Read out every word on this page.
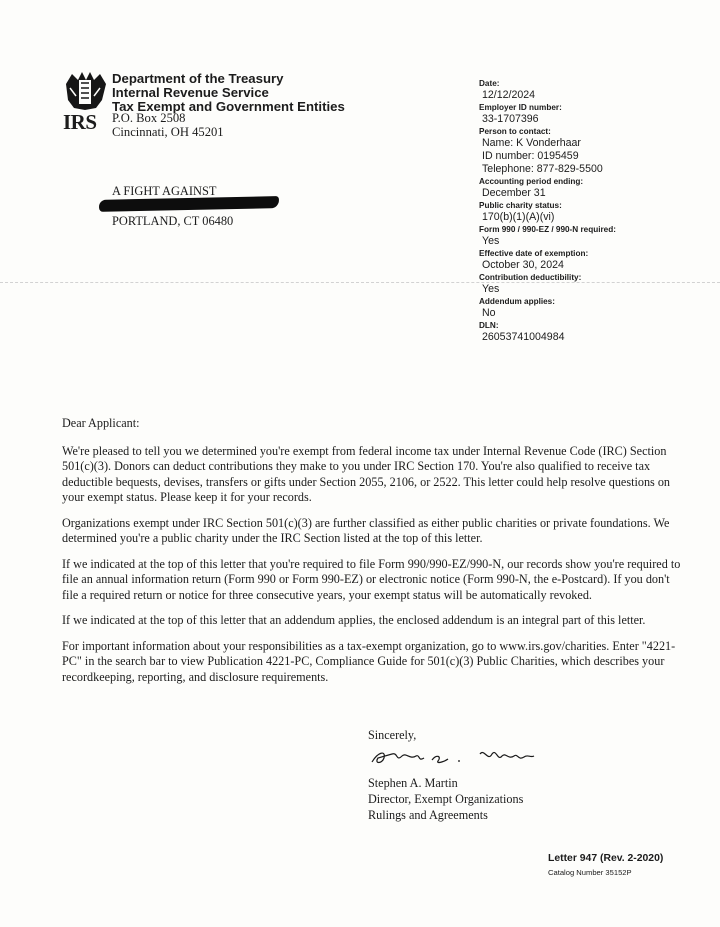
IRS
Department of the Treasury
Internal Revenue Service
Tax Exempt and Government Entities
P.O. Box 2508
Cincinnati, OH 45201
A FIGHT AGAINST
PORTLAND, CT 06480
Date:
12/12/2024
Employer ID number:
33-1707396
Person to contact:
Name: K Vonderhaar
ID number: 0195459
Telephone: 877-829-5500
Accounting period ending:
December 31
Public charity status:
170(b)(1)(A)(vi)
Form 990 / 990-EZ / 990-N required:
Yes
Effective date of exemption:
October 30, 2024
Contribution deductibility:
Yes
Addendum applies:
No
DLN:
26053741004984

Dear Applicant:

We're pleased to tell you we determined you're exempt from federal income tax under Internal Revenue Code (IRC) Section 501(c)(3). Donors can deduct contributions they make to you under IRC Section 170. You're also qualified to receive tax deductible bequests, devises, transfers or gifts under Section 2055, 2106, or 2522. This letter could help resolve questions on your exempt status. Please keep it for your records.

Organizations exempt under IRC Section 501(c)(3) are further classified as either public charities or private foundations. We determined you're a public charity under the IRC Section listed at the top of this letter.

If we indicated at the top of this letter that you're required to file Form 990/990-EZ/990-N, our records show you're required to file an annual information return (Form 990 or Form 990-EZ) or electronic notice (Form 990-N, the e-Postcard). If you don't file a required return or notice for three consecutive years, your exempt status will be automatically revoked.

If we indicated at the top of this letter that an addendum applies, the enclosed addendum is an integral part of this letter.

For important information about your responsibilities as a tax-exempt organization, go to www.irs.gov/charities. Enter "4221-PC" in the search bar to view Publication 4221-PC, Compliance Guide for 501(c)(3) Public Charities, which describes your recordkeeping, reporting, and disclosure requirements.

Sincerely,
Stephen A. Martin
Director, Exempt Organizations
Rulings and Agreements
Letter 947 (Rev. 2-2020)
Catalog Number 35152P
